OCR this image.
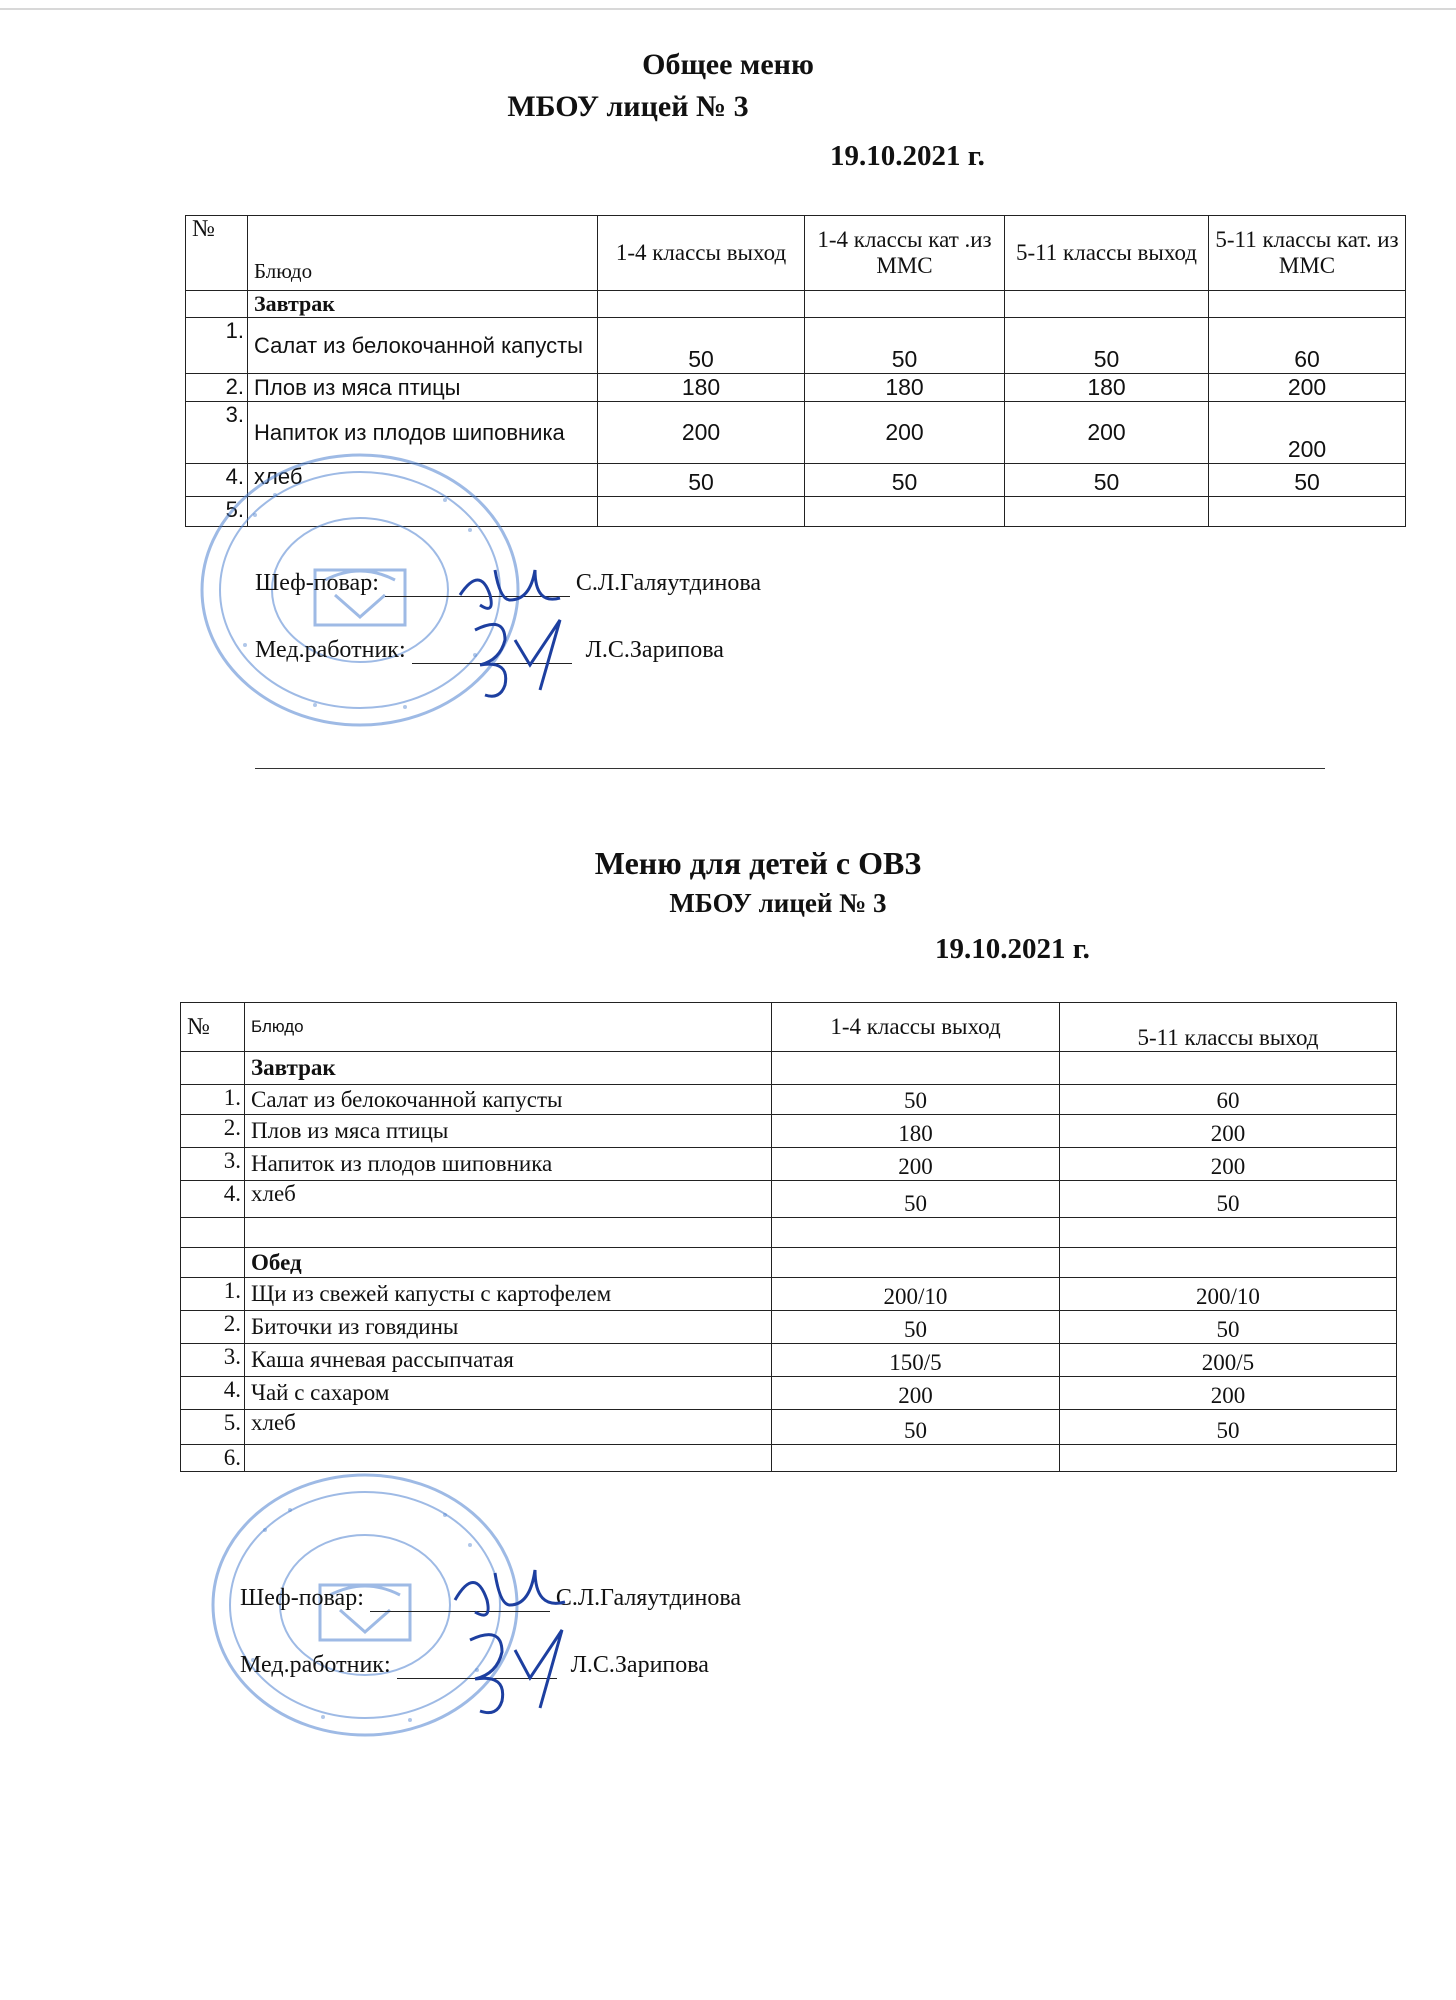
Общее меню
МБОУ лицей № 3
19.10.2021 г.
№	Блюдо	1-4 классы выход	1-4 классы кат .из ММС	5-11 классы выход	5-11 классы кат. из ММС
	Завтрак				
1.	Салат из белокочанной капусты	50	50	50	60
2.	Плов из мяса птицы	180	180	180	200
3.	Напиток из плодов шиповника	200	200	200	200
4.	хлеб	50	50	50	50
5.					
Шеф-повар:	С.Л.Галяутдинова
Мед.работник:	Л.С.Зарипова
Меню для детей с ОВЗ
МБОУ лицей № 3
19.10.2021 г.
№	Блюдо	1-4 классы выход	5-11 классы выход
	Завтрак		
1.	Салат из белокочанной капусты	50	60
2.	Плов из мяса птицы	180	200
3.	Напиток из плодов шиповника	200	200
4.	хлеб	50	50

	Обед		
1.	Щи из свежей капусты с картофелем	200/10	200/10
2.	Биточки из говядины	50	50
3.	Каша ячневая рассыпчатая	150/5	200/5
4.	Чай с сахаром	200	200
5.	хлеб	50	50
6.			
Шеф-повар:	С.Л.Галяутдинова
Мед.работник:	Л.С.Зарипова
